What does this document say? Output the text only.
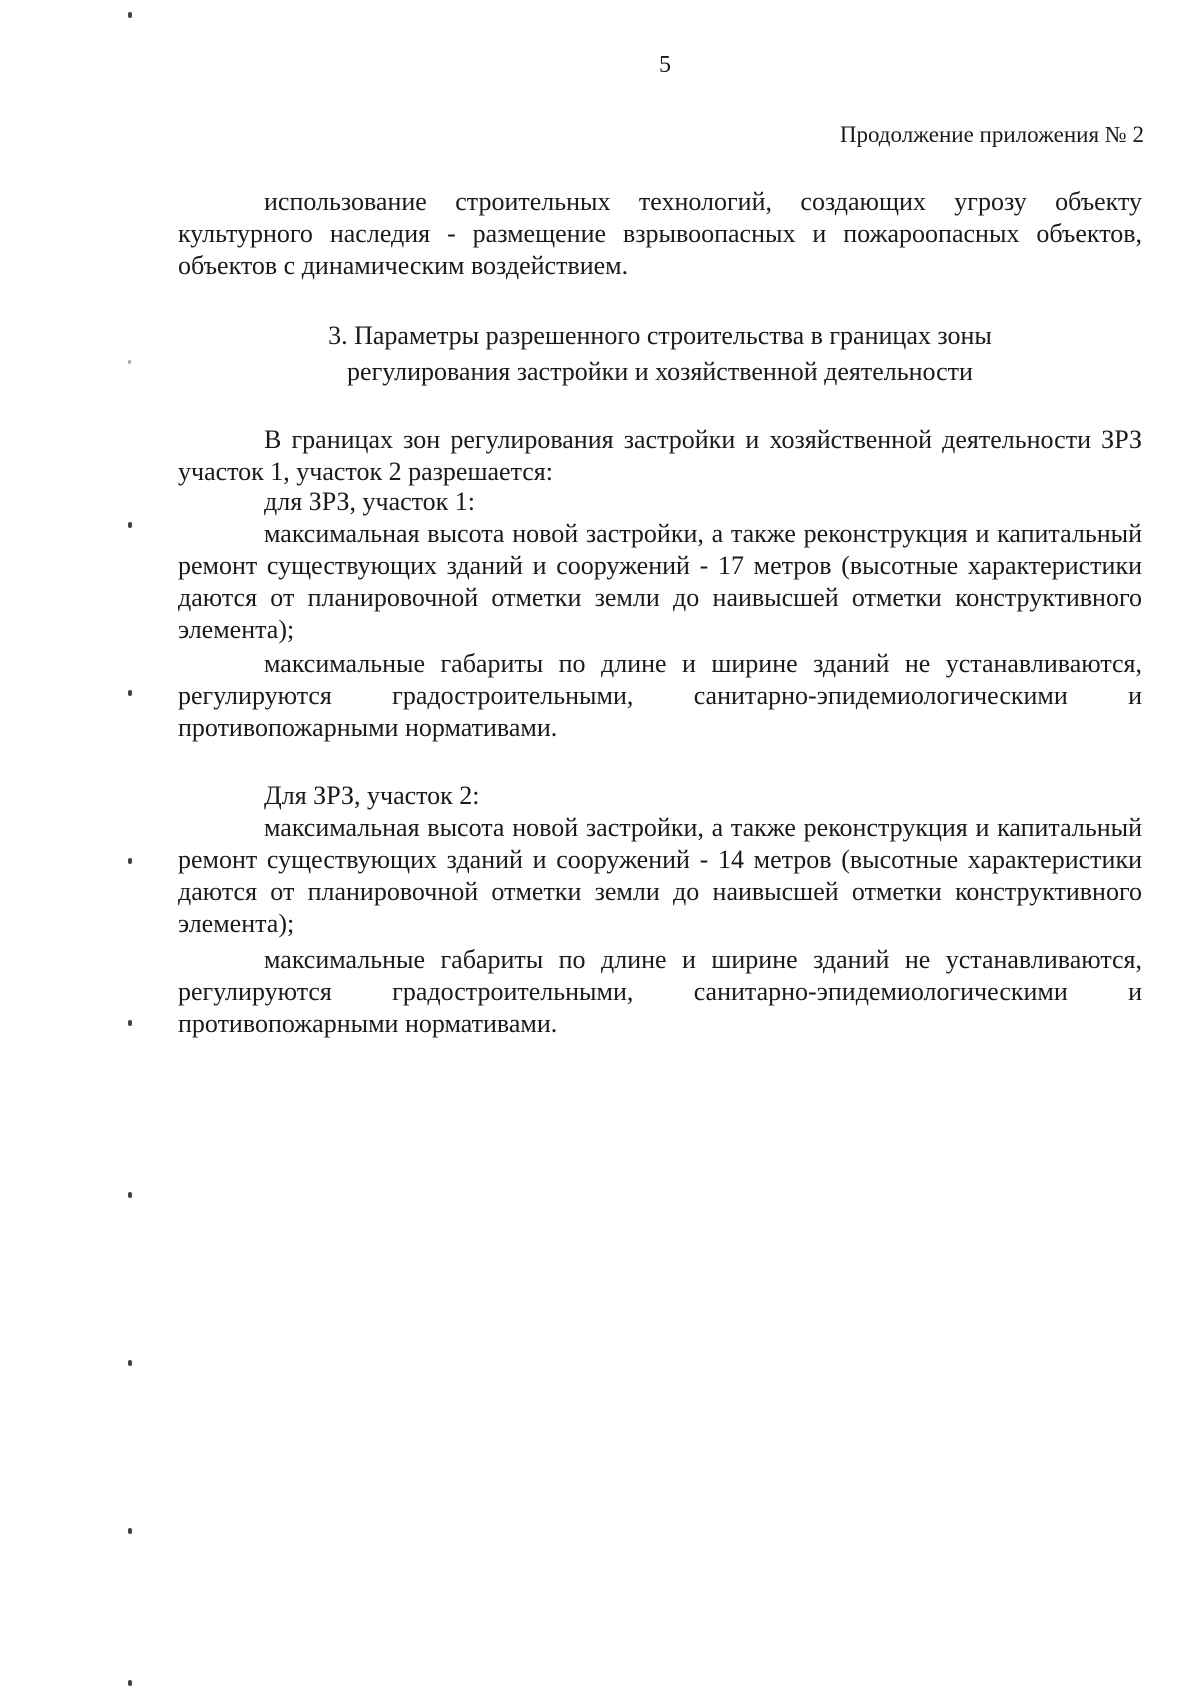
5
Продолжение приложения № 2

использование строительных технологий, создающих угрозу объекту культурного наследия - размещение взрывоопасных и пожароопасных объектов, объектов с динамическим воздействием.

3. Параметры разрешенного строительства в границах зоны
регулирования застройки и хозяйственной деятельности

В границах зон регулирования застройки и хозяйственной деятельности ЗРЗ участок 1, участок 2 разрешается:

для ЗРЗ, участок 1:

максимальная высота новой застройки, а также реконструкция и капитальный ремонт существующих зданий и сооружений - 17 метров (высотные характеристики даются от планировочной отметки земли до наивысшей отметки конструктивного элемента);

максимальные габариты по длине и ширине зданий не устанавливаются, регулируются градостроительными, санитарно-эпидемиологическими и противопожарными нормативами.

Для ЗРЗ, участок 2:

максимальная высота новой застройки, а также реконструкция и капитальный ремонт существующих зданий и сооружений - 14 метров (высотные характеристики даются от планировочной отметки земли до наивысшей отметки конструктивного элемента);

максимальные габариты по длине и ширине зданий не устанавливаются, регулируются градостроительными, санитарно-эпидемиологическими и противопожарными нормативами.
